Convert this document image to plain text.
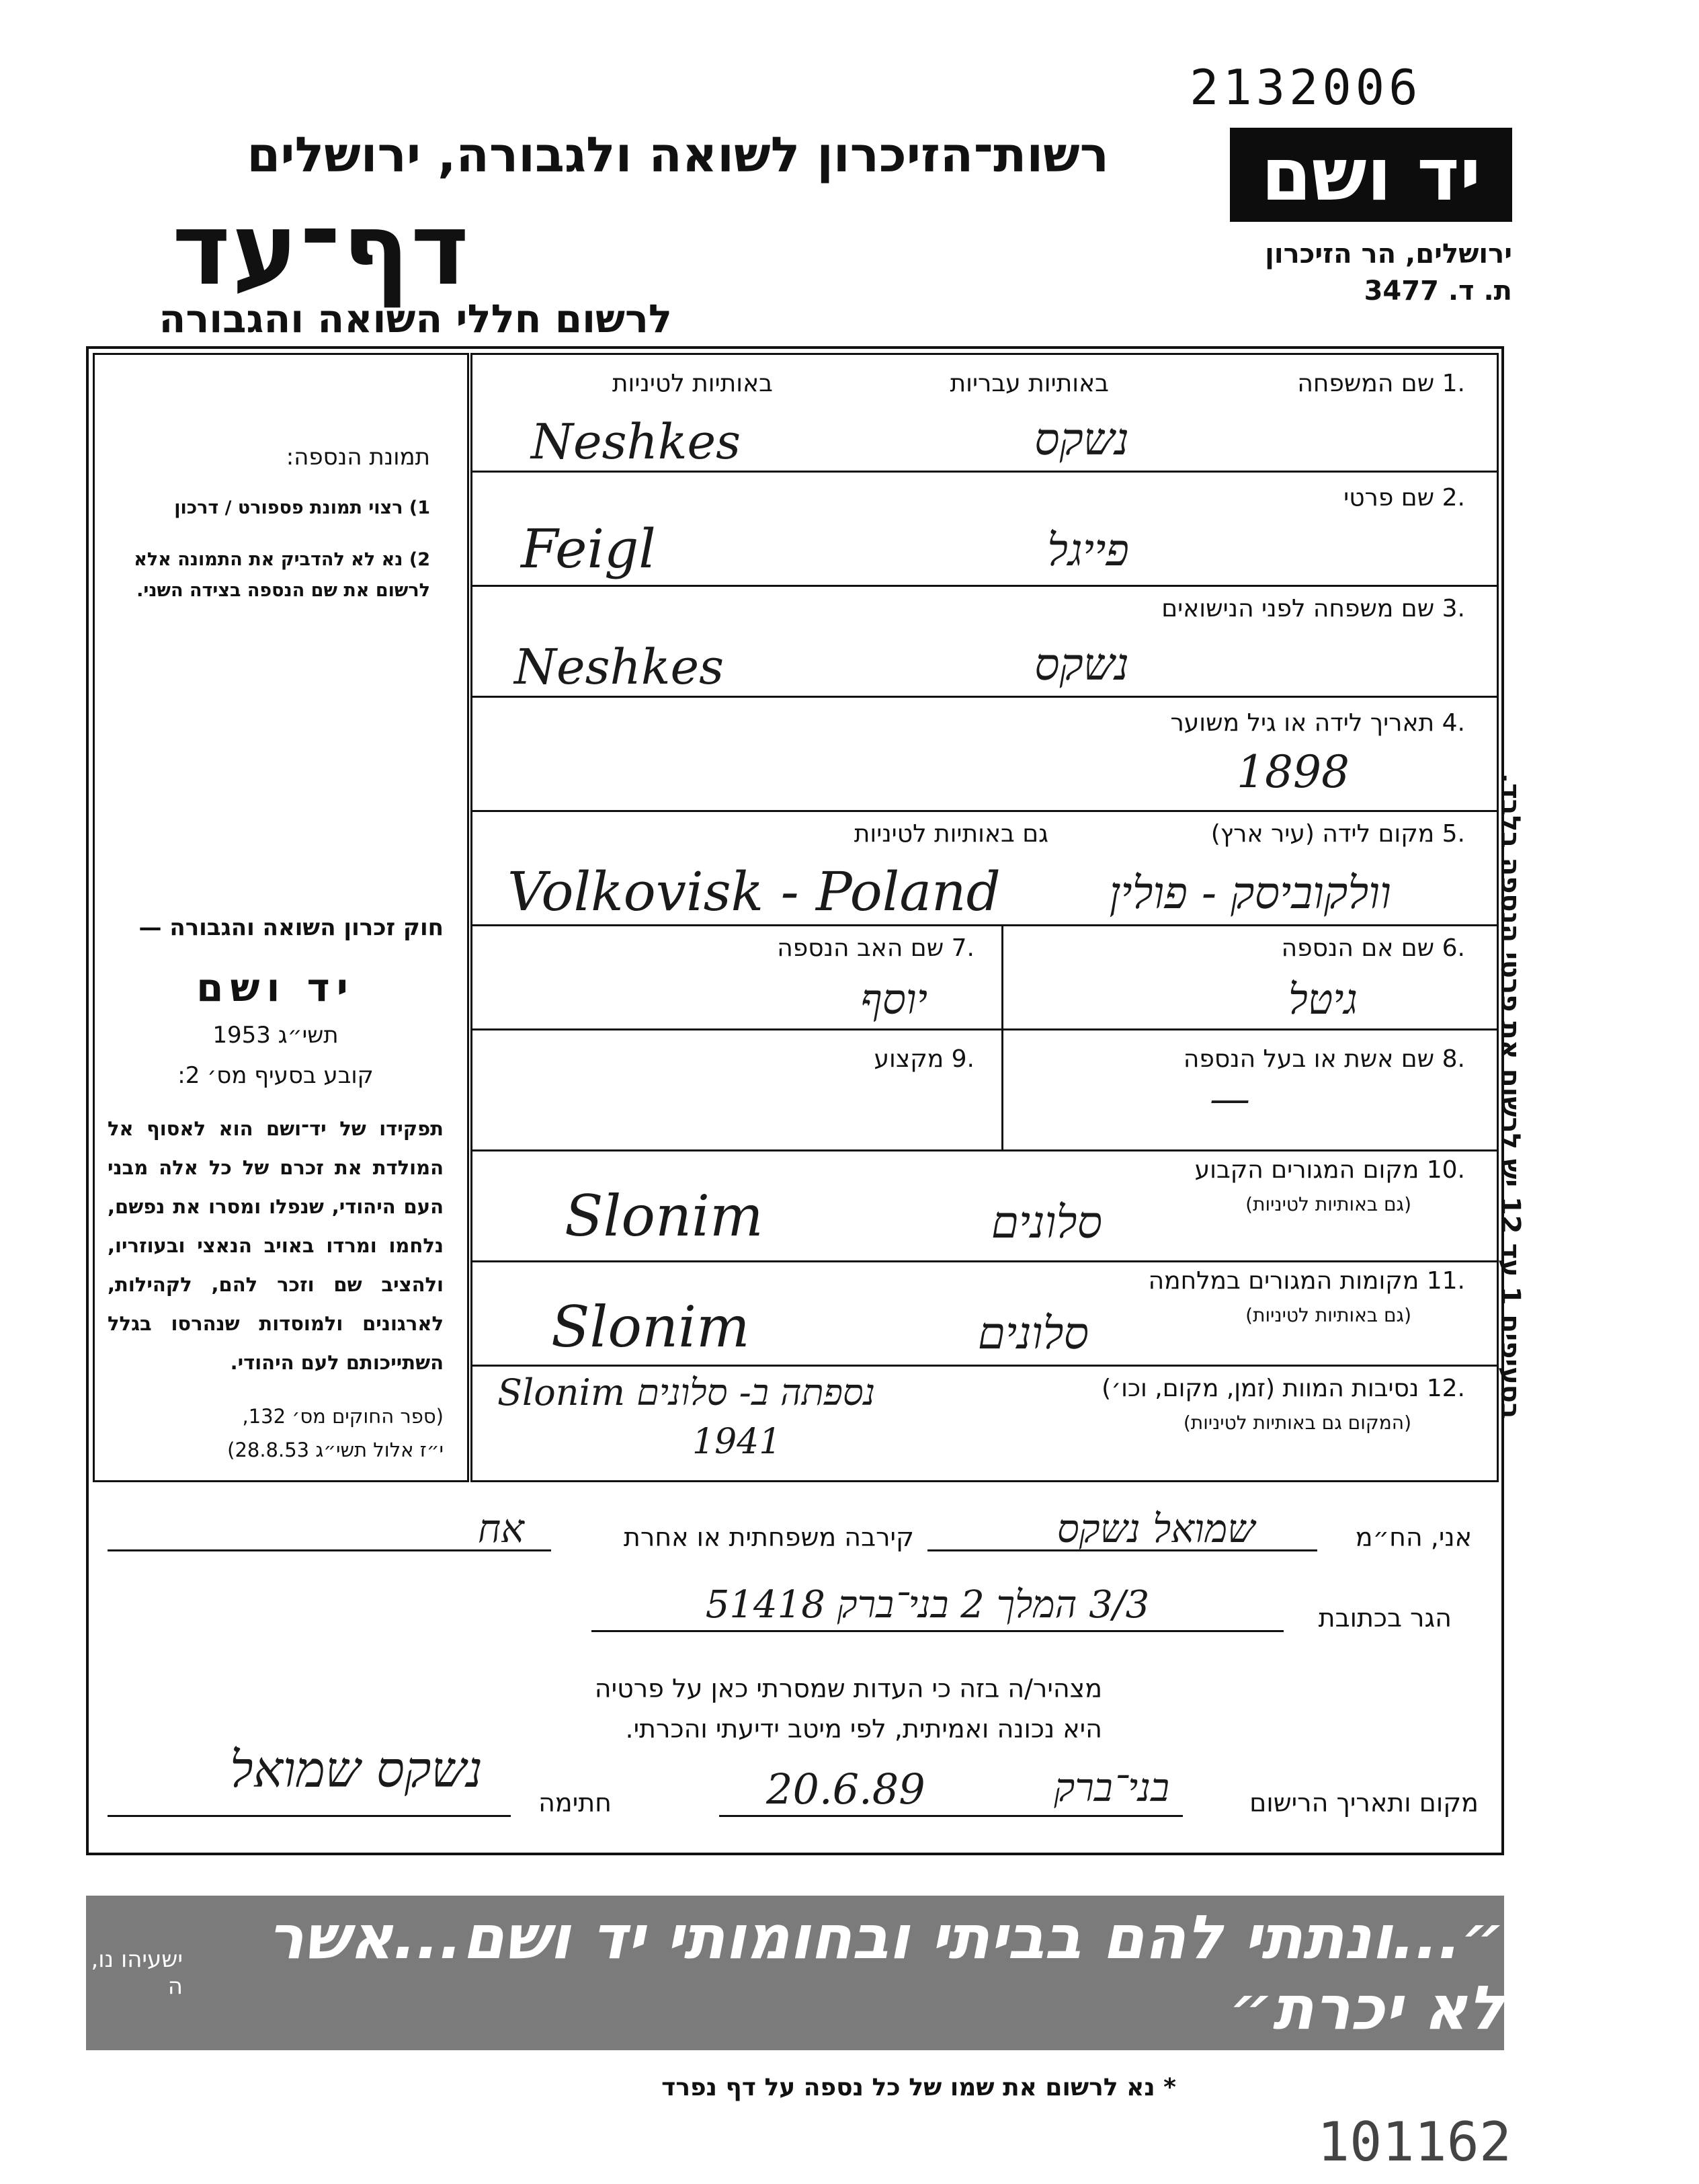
2132006
יד ושם
ירושלים, הר הזיכרון
ת. ד. 3477
רשות־הזיכרון לשואה ולגבורה, ירושלים
דף־עד
לרשום חללי השואה והגבורה
תמונת הנספה:
1) רצוי תמונת פספורט / דרכון
2) נא לא להדביק את התמונה אלא לרשום את שם הנספה בצידה השני.
חוק זכרון השואה והגבורה —
יד ושם
תשי״ג 1953
קובע בסעיף מס׳ 2:
תפקידו של יד־ושם הוא לאסוף אל המולדת את זכרם של כל אלה מבני העם היהודי, שנפלו ומסרו את נפשם, נלחמו ומרדו באויב הנאצי ובעוזריו, ולהציב שם וזכר להם, לקהילות, לארגונים ולמוסדות שנהרסו בגלל השתייכותם לעם היהודי.
(ספר החוקים מס׳ 132,
י״ז אלול תשי״ג 28.8.53)
.1 שם המשפחה
באותיות עבריות
באותיות לטיניות
נשקס
Neshkes
.2 שם פרטי
פייגל
Feigl
.3 שם משפחה לפני הנישואים
נשקס
Neshkes
.4 תאריך לידה או גיל משוער
1898
.5 מקום לידה (עיר ארץ)
גם באותיות לטיניות
וולקוביסק - פולין
Volkovisk - Poland
.6 שם אם הנספה
גיטל
.7 שם האב הנספה
יוסף
.8 שם אשת או בעל הנספה
—
.9 מקצוע
.10 מקום המגורים הקבוע
(גם באותיות לטיניות)
סלונים
Slonim
.11 מקומות המגורים במלחמה
(גם באותיות לטיניות)
סלונים
Slonim
.12 נסיבות המוות (זמן, מקום, וכו׳)
(המקום גם באותיות לטיניות)
Slonim נספתה ב- סלונים
1941
בסעיפים 1 עד 12 יש לרשום את פרטי הנספה בלבד.
אני, הח״מ
שמואל נשקס
קירבה משפחתית או אחרת
אח
הגר בכתובת
3/3 המלך 2 בני־ברק 51418
מצהיר/ה בזה כי העדות שמסרתי כאן על פרטיה
היא נכונה ואמיתית, לפי מיטב ידיעתי והכרתי.
מקום ותאריך הרישום
בני־ברק
20.6.89
חתימה
נשקס שמואל
״...ונתתי להם בביתי ובחומותי יד ושם...אשר לא יכרת״
ישעיהו נו, ה
* נא לרשום את שמו של כל נספה על דף נפרד
101162
